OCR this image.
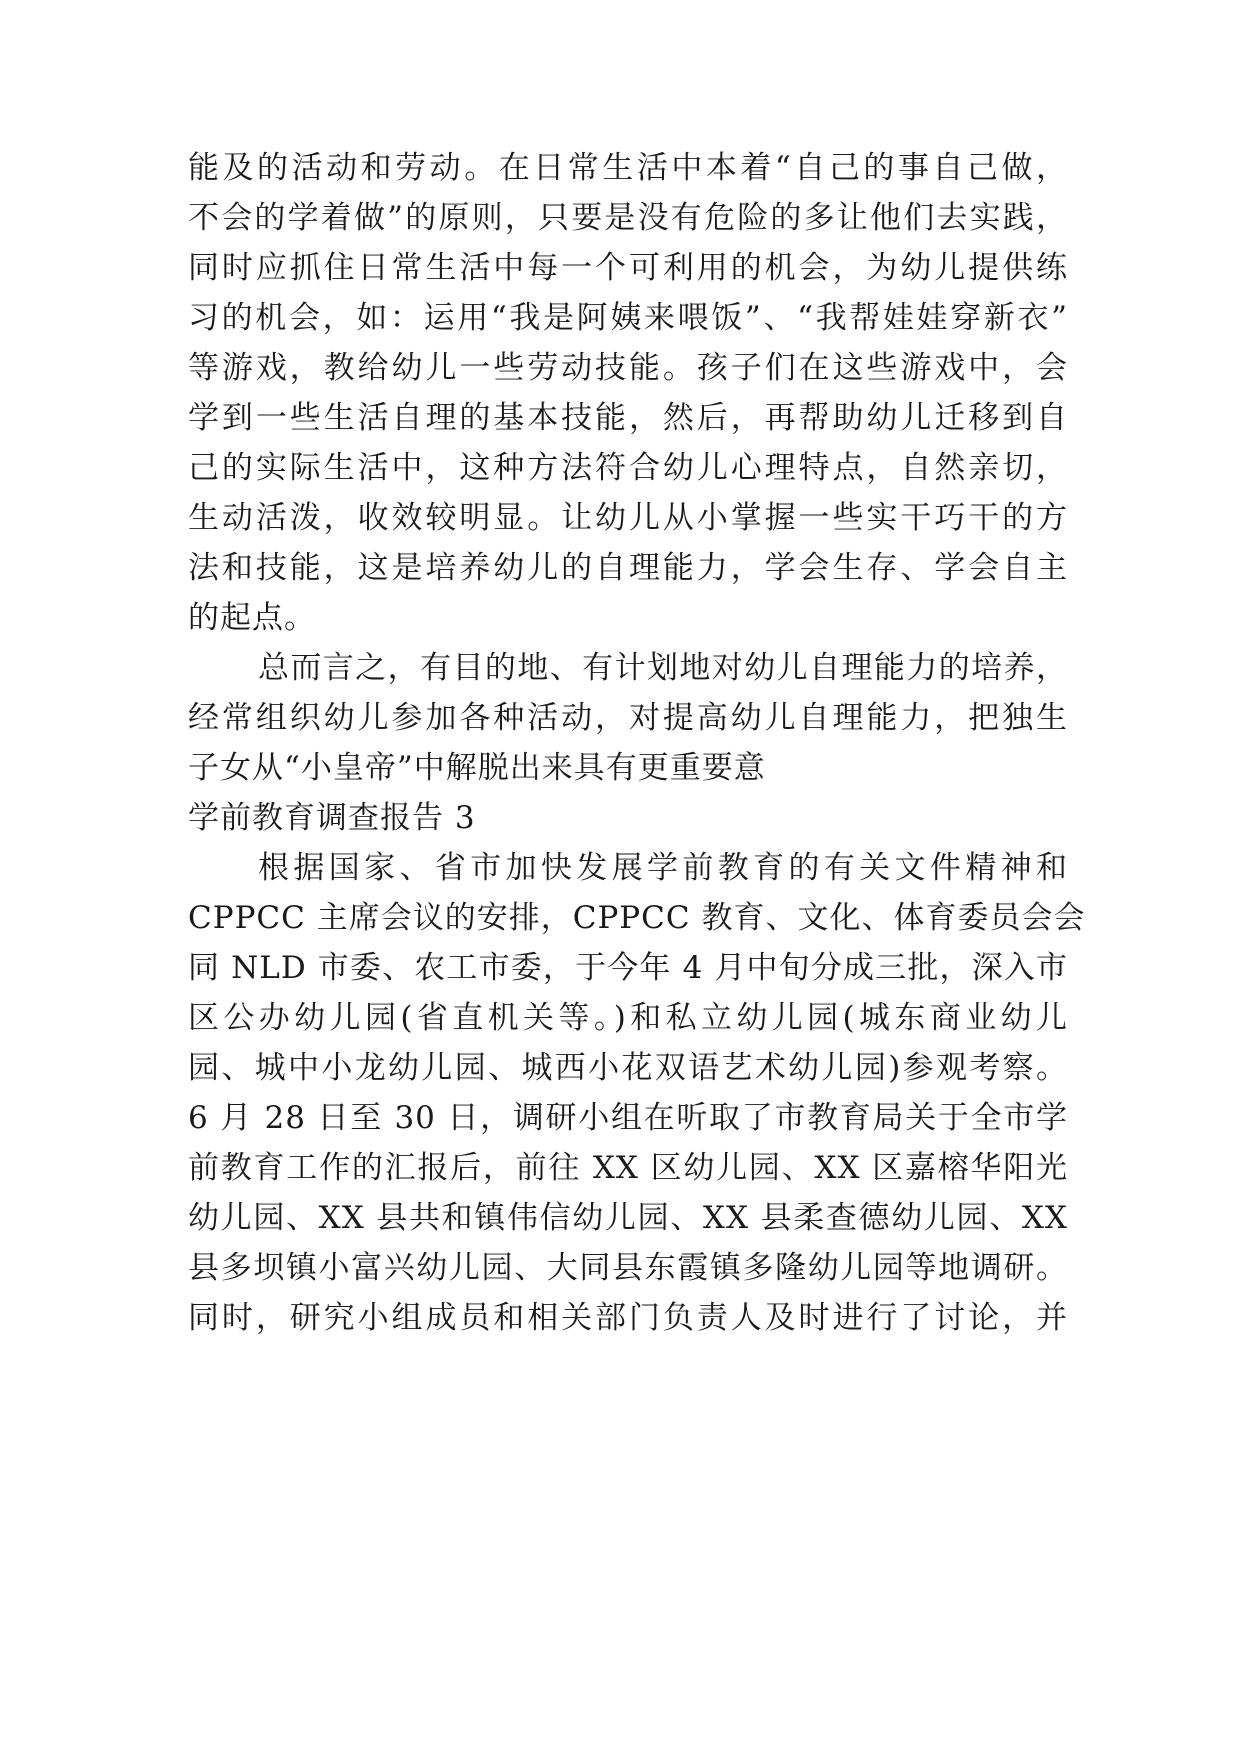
能及的活动和劳动。在日常生活中本着“自己的事自己做，
不会的学着做”的原则，只要是没有危险的多让他们去实践，
同时应抓住日常生活中每一个可利用的机会，为幼儿提供练
习的机会，如：运用“我是阿姨来喂饭”、“我帮娃娃穿新衣”
等游戏，教给幼儿一些劳动技能。孩子们在这些游戏中，会
学到一些生活自理的基本技能，然后，再帮助幼儿迁移到自
己的实际生活中，这种方法符合幼儿心理特点，自然亲切，
生动活泼，收效较明显。让幼儿从小掌握一些实干巧干的方
法和技能，这是培养幼儿的自理能力，学会生存、学会自主
的起点。
总而言之，有目的地、有计划地对幼儿自理能力的培养，
经常组织幼儿参加各种活动，对提高幼儿自理能力，把独生
子女从“小皇帝”中解脱出来具有更重要意
学前教育调查报告 3
根据国家、省市加快发展学前教育的有关文件精神和
CPPCC 主席会议的安排，CPPCC 教育、文化、体育委员会会
同 NLD 市委、农工市委，于今年 4 月中旬分成三批，深入市
区公办幼儿园(省直机关等。)和私立幼儿园(城东商业幼儿
园、城中小龙幼儿园、城西小花双语艺术幼儿园)参观考察。
6 月 28 日至 30 日，调研小组在听取了市教育局关于全市学
前教育工作的汇报后，前往 XX 区幼儿园、XX 区嘉榕华阳光
幼儿园、XX 县共和镇伟信幼儿园、XX 县柔查德幼儿园、XX
县多坝镇小富兴幼儿园、大同县东霞镇多隆幼儿园等地调研。
同时，研究小组成员和相关部门负责人及时进行了讨论，并
